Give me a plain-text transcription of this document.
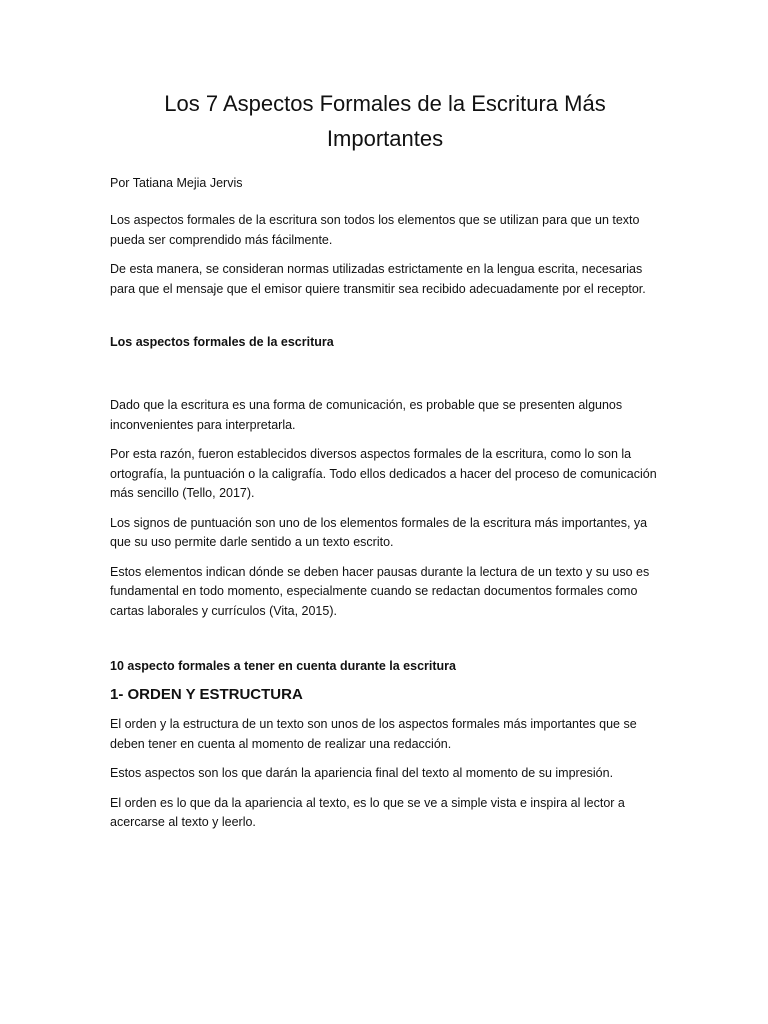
Los 7 Aspectos Formales de la Escritura Más Importantes

Por Tatiana Mejia Jervis

Los aspectos formales de la escritura son todos los elementos que se utilizan para que un texto pueda ser comprendido más fácilmente.

De esta manera, se consideran normas utilizadas estrictamente en la lengua escrita, necesarias para que el mensaje que el emisor quiere transmitir sea recibido adecuadamente por el receptor.

Los aspectos formales de la escritura

Dado que la escritura es una forma de comunicación, es probable que se presenten algunos inconvenientes para interpretarla.

Por esta razón, fueron establecidos diversos aspectos formales de la escritura, como lo son la ortografía, la puntuación o la caligrafía. Todo ellos dedicados a hacer del proceso de comunicación más sencillo (Tello, 2017).

Los signos de puntuación son uno de los elementos formales de la escritura más importantes, ya que su uso permite darle sentido a un texto escrito.

Estos elementos indican dónde se deben hacer pausas durante la lectura de un texto y su uso es fundamental en todo momento, especialmente cuando se redactan documentos formales como cartas laborales y currículos (Vita, 2015).

10 aspecto formales a tener en cuenta durante la escritura

1- ORDEN Y ESTRUCTURA

El orden y la estructura de un texto son unos de los aspectos formales más importantes que se deben tener en cuenta al momento de realizar una redacción.

Estos aspectos son los que darán la apariencia final del texto al momento de su impresión.

El orden es lo que da la apariencia al texto, es lo que se ve a simple vista e inspira al lector a acercarse al texto y leerlo.
